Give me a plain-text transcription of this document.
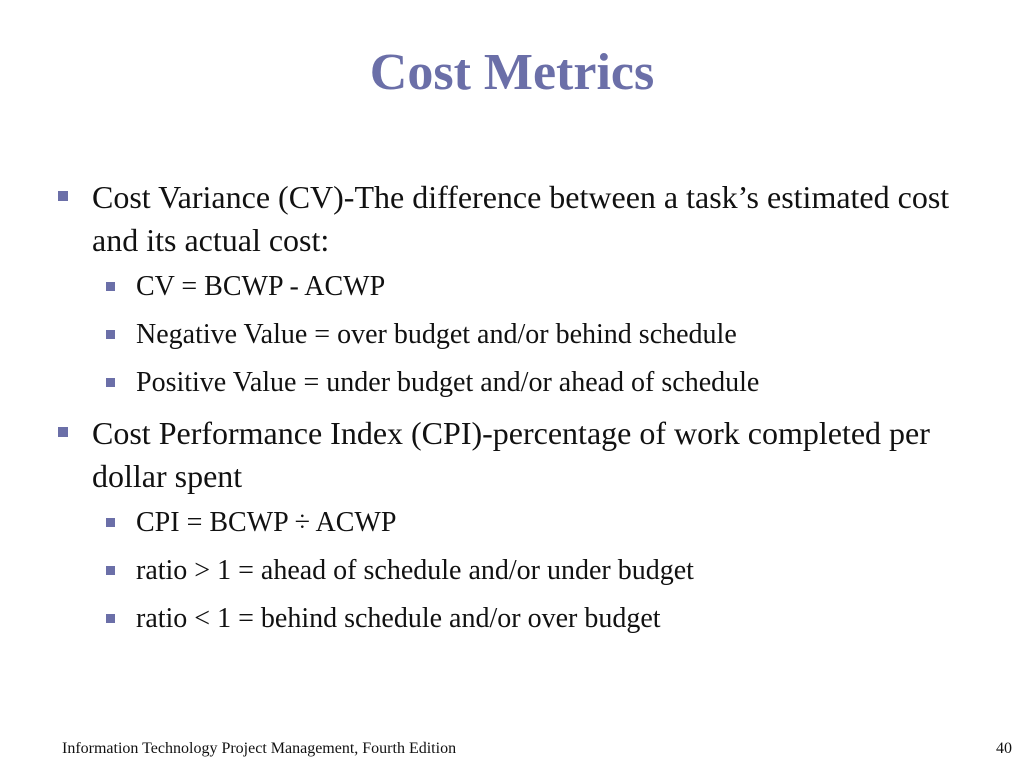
Cost Metrics
Cost Variance (CV)-The difference between a task’s estimated cost and its actual cost:
CV = BCWP - ACWP
Negative Value = over budget and/or behind schedule
Positive Value = under budget and/or ahead of schedule
Cost Performance Index (CPI)-percentage of work completed per dollar spent
CPI = BCWP ÷ ACWP
ratio > 1 = ahead of schedule and/or under budget
ratio < 1 = behind schedule and/or over budget
Information Technology Project Management, Fourth Edition	40
